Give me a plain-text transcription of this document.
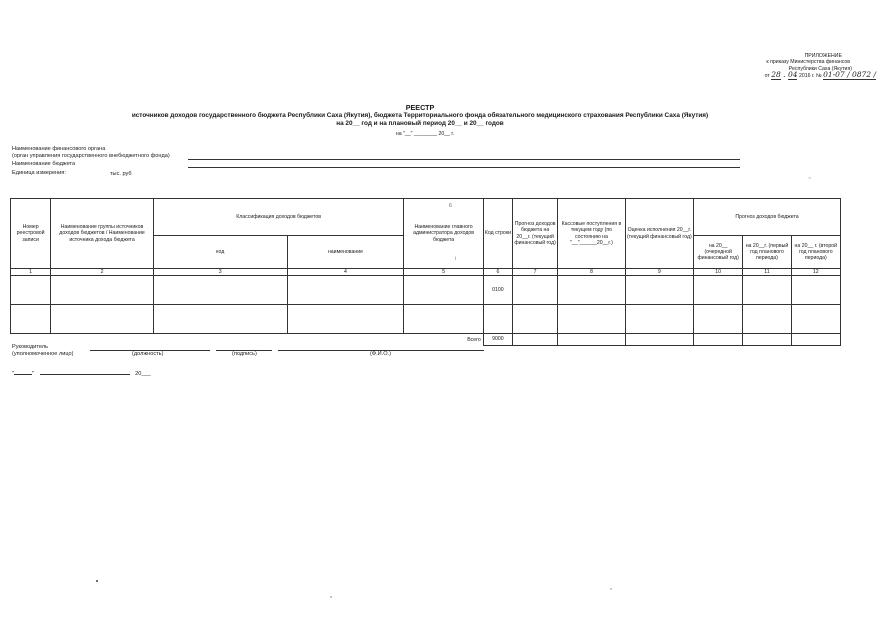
ПРИЛОЖЕНИЕ
к приказу Министерства финансов
Республики Саха (Якутия)
от 28 . 04 2016 г. № 01-07 / 0872 /
РЕЕСТР
источников доходов государственного бюджета Республики Саха (Якутия), бюджета Территориального фонда обязательного медицинского страхования Республики Саха (Якутия)
на 20__ год и на плановый период 20__ и 20__ годов
на "__" ________ 20__ г.
Наименование финансового органа
(орган управления государственного внебюджетного фонда)
Наименование бюджета
Единица измерения:	тыс. руб
6
~
i
Номер реестровой записи	Наименование группы источников доходов бюджетов / Наименование источника дохода бюджета	Классификация доходов бюджетов		Наименование главного администратора доходов бюджета	Код строки	Прогноз доходов бюджета на 20__г. (текущий финансовый год)	Кассовые поступления в текущем году (по состоянию на "__"______20__г.)	Оценка исполнения 20__г. (текущий финансовый год)	Прогноз доходов бюджета		
		код	наименование						на 20__ (очередной финансовый год)	на 20__г. (первый год планового периода)	на 20__ г. (второй год планового периода)
1	2	3	4	5	6	7	8	9	10	11	12
					0100						

Всего					9000						
Руководитель
(уполномоченное лицо)	(должность)	(подпись)	(Ф.И.О.)
"	"	20___
